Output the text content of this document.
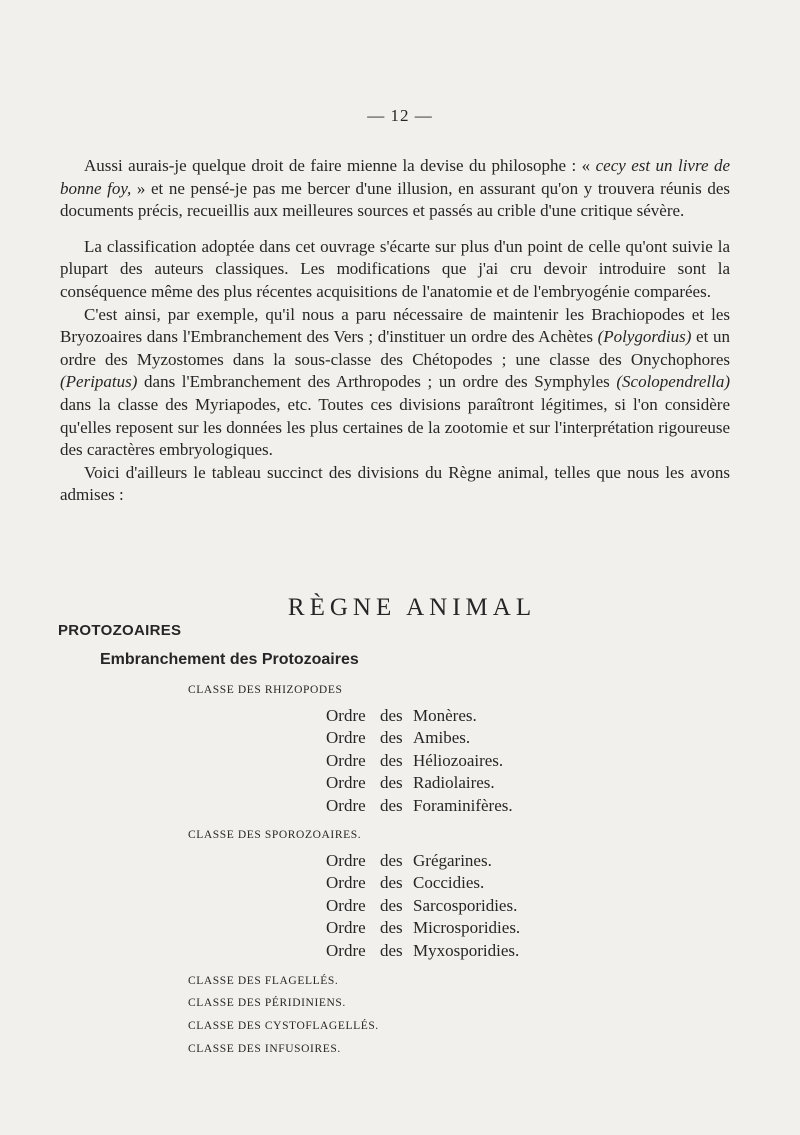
— 12 —

Aussi aurais-je quelque droit de faire mienne la devise du philosophe : « cecy est un livre de bonne foy, » et ne pensé-je pas me bercer d'une illusion, en assurant qu'on y trouvera réunis des documents précis, recueillis aux meilleures sources et passés au crible d'une critique sévère.

La classification adoptée dans cet ouvrage s'écarte sur plus d'un point de celle qu'ont suivie la plupart des auteurs classiques. Les modifications que j'ai cru devoir introduire sont la conséquence même des plus récentes acquisitions de l'anatomie et de l'embryogénie comparées.

C'est ainsi, par exemple, qu'il nous a paru nécessaire de maintenir les Brachiopodes et les Bryozoaires dans l'Embranchement des Vers ; d'instituer un ordre des Achètes (Polygordius) et un ordre des Myzostomes dans la sous-classe des Chétopodes ; une classe des Onychophores (Peripatus) dans l'Embranchement des Arthropodes ; un ordre des Symphyles (Scolopendrella) dans la classe des Myriapodes, etc. Toutes ces divisions paraîtront légitimes, si l'on considère qu'elles reposent sur les données les plus certaines de la zootomie et sur l'interprétation rigoureuse des caractères embryologiques.

Voici d'ailleurs le tableau succinct des divisions du Règne animal, telles que nous les avons admises :

RÈGNE ANIMAL
PROTOZOAIRES
Embranchement des Protozoaires
CLASSE DES RHIZOPODES
Ordre des Monères.
Ordre des Amibes.
Ordre des Héliozoaires.
Ordre des Radiolaires.
Ordre des Foraminifères.
CLASSE DES SPOROZOAIRES.
Ordre des Grégarines.
Ordre des Coccidies.
Ordre des Sarcosporidies.
Ordre des Microsporidies.
Ordre des Myxosporidies.
CLASSE DES FLAGELLÉS.
CLASSE DES PÉRIDINIENS.
CLASSE DES CYSTOFLAGELLÉS.
CLASSE DES INFUSOIRES.
